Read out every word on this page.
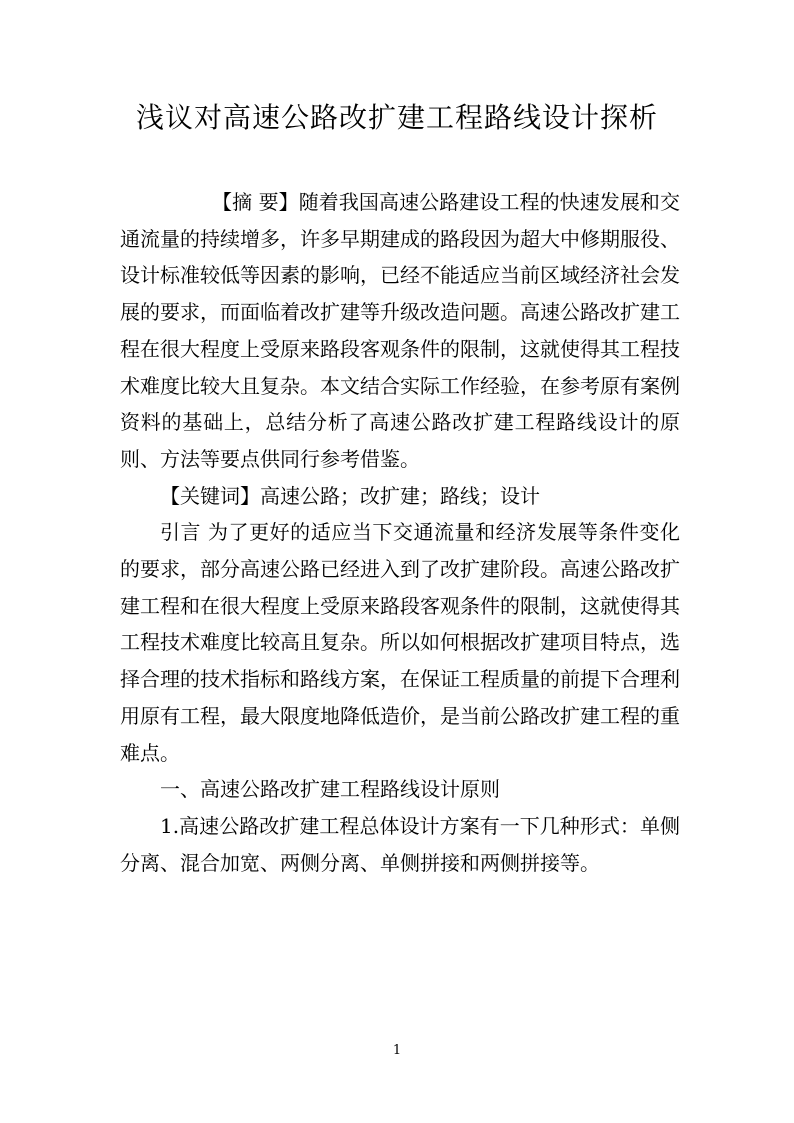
浅议对高速公路改扩建工程路线设计探析

【摘 要】随着我国高速公路建设工程的快速发展和交通流量的持续增多，许多早期建成的路段因为超大中修期服役、设计标准较低等因素的影响，已经不能适应当前区域经济社会发展的要求，而面临着改扩建等升级改造问题。高速公路改扩建工程在很大程度上受原来路段客观条件的限制，这就使得其工程技术难度比较大且复杂。本文结合实际工作经验，在参考原有案例资料的基础上，总结分析了高速公路改扩建工程路线设计的原则、方法等要点供同行参考借鉴。

【关键词】高速公路；改扩建；路线；设计

引言 为了更好的适应当下交通流量和经济发展等条件变化的要求，部分高速公路已经进入到了改扩建阶段。高速公路改扩建工程和在很大程度上受原来路段客观条件的限制，这就使得其工程技术难度比较高且复杂。所以如何根据改扩建项目特点，选择合理的技术指标和路线方案，在保证工程质量的前提下合理利用原有工程，最大限度地降低造价，是当前公路改扩建工程的重难点。

一、高速公路改扩建工程路线设计原则

1.高速公路改扩建工程总体设计方案有一下几种形式：单侧分离、混合加宽、两侧分离、单侧拼接和两侧拼接等。

1
